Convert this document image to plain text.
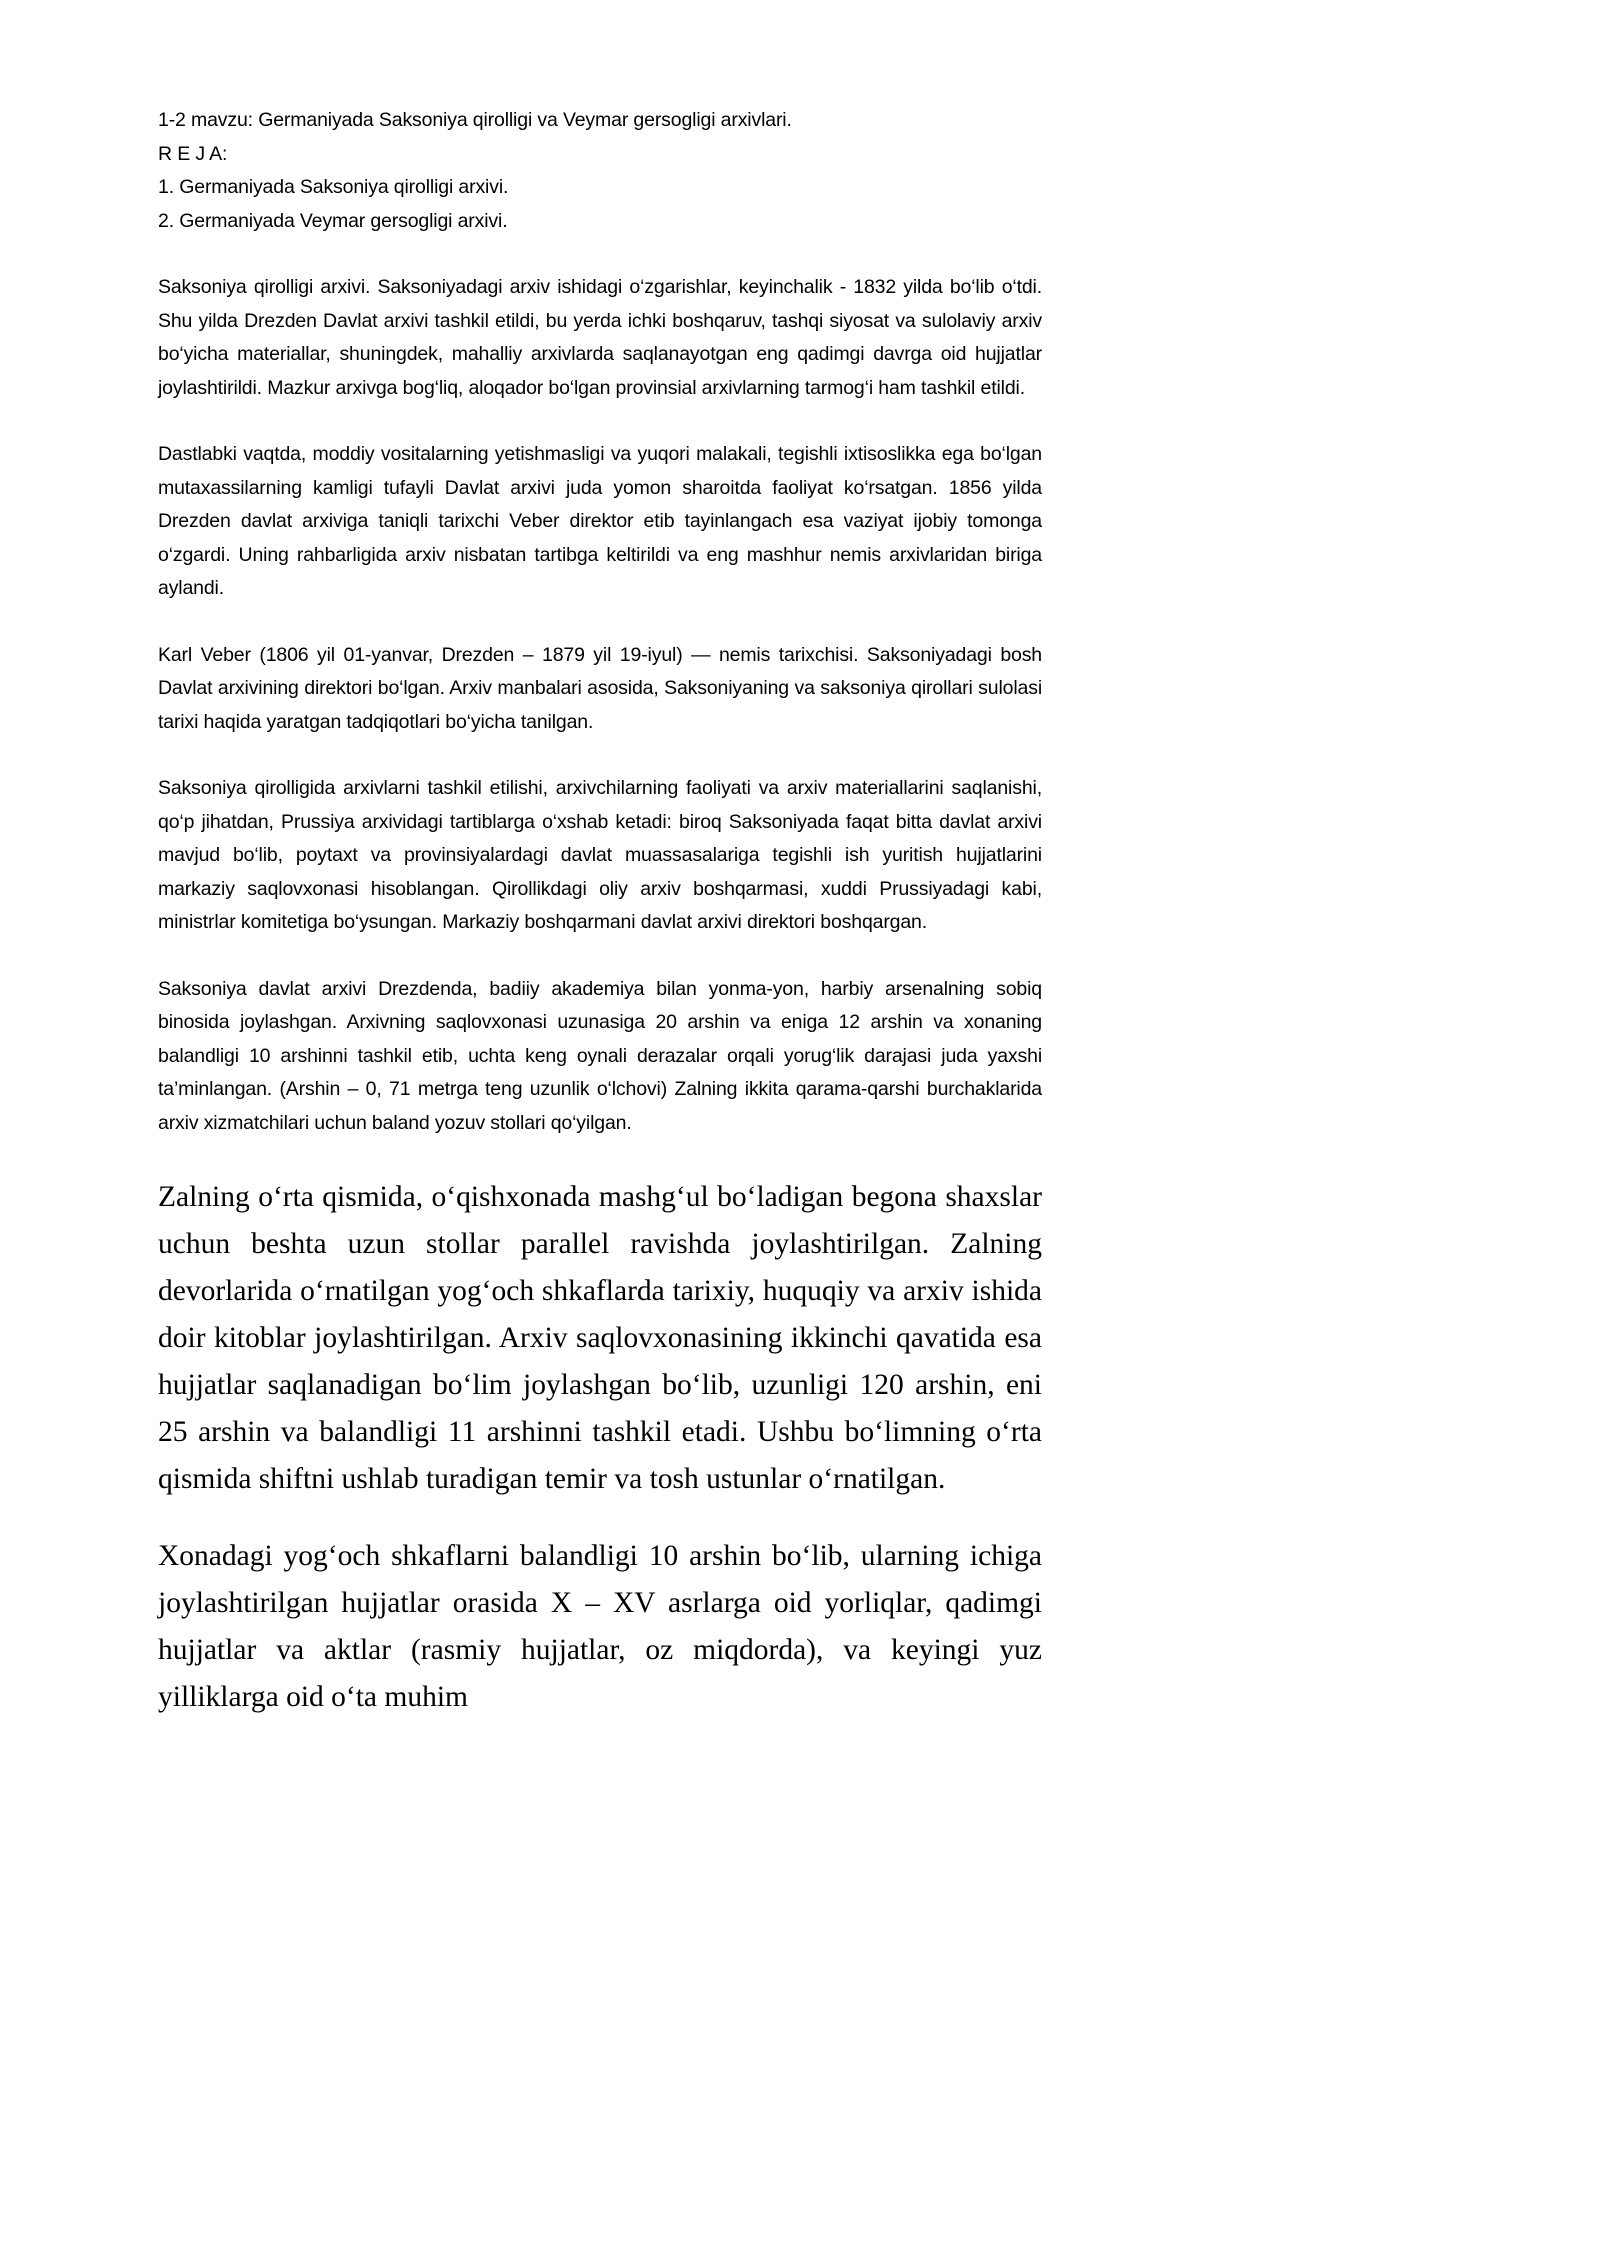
1-2 mavzu: Germaniyada Saksoniya qirolligi va Veymar gersogligi arxivlari.
R E J A:
1. Germaniyada Saksoniya qirolligi arxivi.
2. Germaniyada Veymar gersogligi arxivi.

Saksoniya qirolligi arxivi. Saksoniyadagi arxiv ishidagi o‘zgarishlar, keyinchalik - 1832 yilda bo‘lib o‘tdi. Shu yilda Drezden Davlat arxivi tashkil etildi, bu yerda ichki boshqaruv, tashqi siyosat va sulolaviy arxiv bo‘yicha materiallar, shuningdek, mahalliy arxivlarda saqlanayotgan eng qadimgi davrga oid hujjatlar joylashtirildi. Mazkur arxivga bog‘liq, aloqador bo‘lgan provinsial arxivlarning tarmog‘i ham tashkil etildi.

Dastlabki vaqtda, moddiy vositalarning yetishmasligi va yuqori malakali, tegishli ixtisoslikka ega bo‘lgan mutaxassilarning kamligi tufayli Davlat arxivi juda yomon sharoitda faoliyat ko‘rsatgan. 1856 yilda Drezden davlat arxiviga taniqli tarixchi Veber direktor etib tayinlangach esa vaziyat ijobiy tomonga o‘zgardi. Uning rahbarligida arxiv nisbatan tartibga keltirildi va eng mashhur nemis arxivlaridan biriga aylandi.

Karl Veber (1806 yil 01-yanvar, Drezden – 1879 yil 19-iyul) — nemis tarixchisi. Saksoniyadagi bosh Davlat arxivining direktori bo‘lgan. Arxiv manbalari asosida, Saksoniyaning va saksoniya qirollari sulolasi tarixi haqida yaratgan tadqiqotlari bo‘yicha tanilgan.

Saksoniya qirolligida arxivlarni tashkil etilishi, arxivchilarning faoliyati va arxiv materiallarini saqlanishi, qo‘p jihatdan, Prussiya arxividagi tartiblarga o‘xshab ketadi: biroq Saksoniyada faqat bitta davlat arxivi mavjud bo‘lib, poytaxt va provinsiyalardagi davlat muassasalariga tegishli ish yuritish hujjatlarini markaziy saqlovxonasi hisoblangan. Qirollikdagi oliy arxiv boshqarmasi, xuddi Prussiyadagi kabi, ministrlar komitetiga bo‘ysungan. Markaziy boshqarmani davlat arxivi direktori boshqargan.

Saksoniya davlat arxivi Drezdenda, badiiy akademiya bilan yonma-yon, harbiy arsenalning sobiq binosida joylashgan. Arxivning saqlovxonasi uzunasiga 20 arshin va eniga 12 arshin va xonaning balandligi 10 arshinni tashkil etib, uchta keng oynali derazalar orqali yorug‘lik darajasi juda yaxshi ta’minlangan. (Arshin – 0, 71 metrga teng uzunlik o‘lchovi) Zalning ikkita qarama-qarshi burchaklarida arxiv xizmatchilari uchun baland yozuv stollari qo‘yilgan.

Zalning o‘rta qismida, o‘qishxonada mashg‘ul bo‘ladigan begona shaxslar uchun beshta uzun stollar parallel ravishda joylashtirilgan. Zalning devorlarida o‘rnatilgan yog‘och shkaflarda tarixiy, huquqiy va arxiv ishida doir kitoblar joylashtirilgan. Arxiv saqlovxonasining ikkinchi qavatida esa hujjatlar saqlanadigan bo‘lim joylashgan bo‘lib, uzunligi 120 arshin, eni 25 arshin va balandligi 11 arshinni tashkil etadi. Ushbu bo‘limning o‘rta qismida shiftni ushlab turadigan temir va tosh ustunlar o‘rnatilgan.

Xonadagi yog‘och shkaflarni balandligi 10 arshin bo‘lib, ularning ichiga joylashtirilgan hujjatlar orasida X – XV asrlarga oid yorliqlar, qadimgi hujjatlar va aktlar (rasmiy hujjatlar, oz miqdorda), va keyingi yuz yilliklarga oid o‘ta muhim
